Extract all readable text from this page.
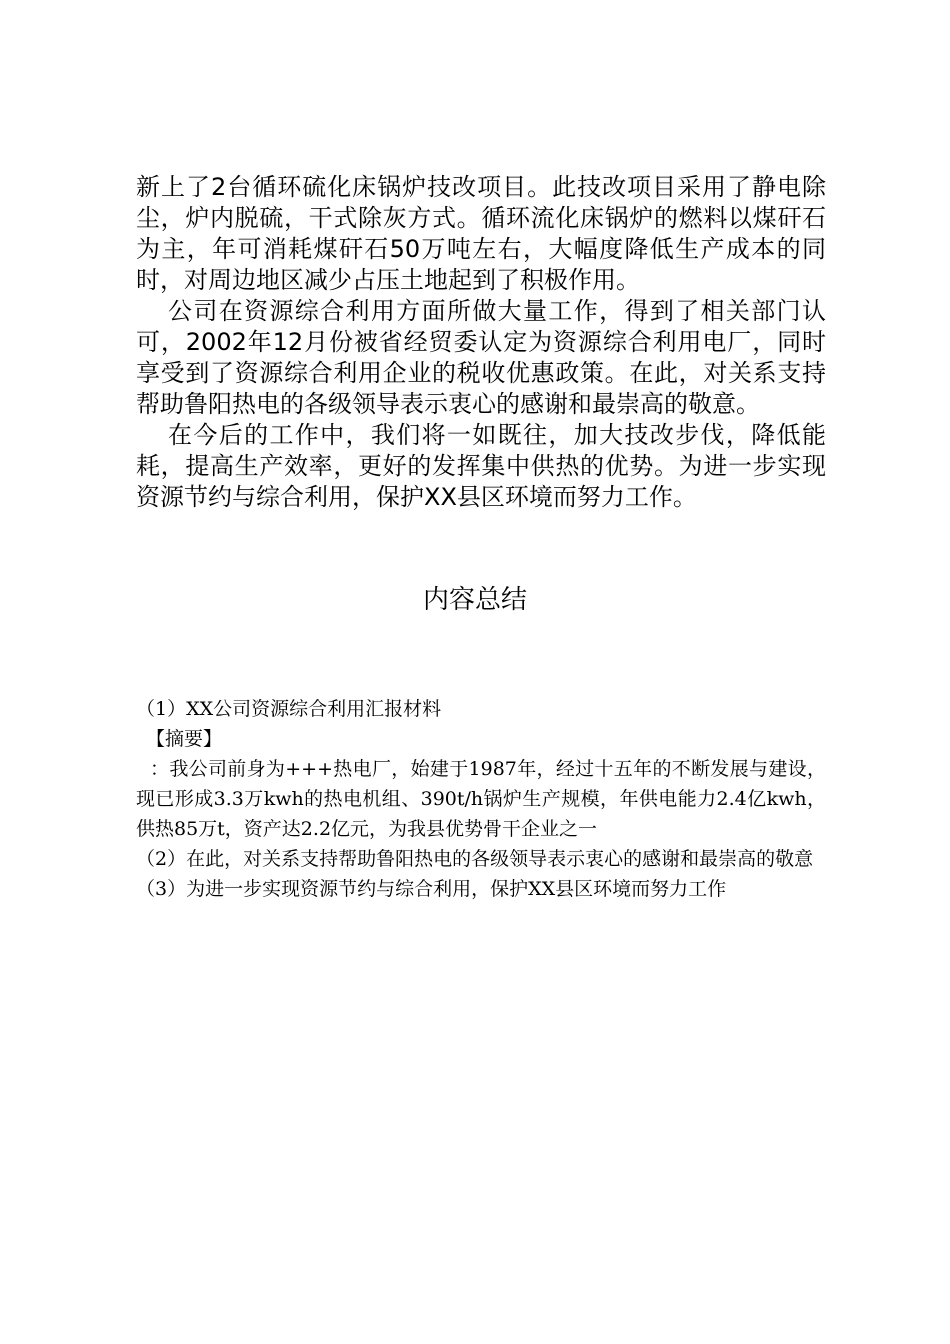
新上了2台循环硫化床锅炉技改项目。此技改项目采用了静电除尘，炉内脱硫，干式除灰方式。循环流化床锅炉的燃料以煤矸石为主，年可消耗煤矸石50万吨左右，大幅度降低生产成本的同时，对周边地区减少占压土地起到了积极作用。

公司在资源综合利用方面所做大量工作，得到了相关部门认可，2002年12月份被省经贸委认定为资源综合利用电厂，同时享受到了资源综合利用企业的税收优惠政策。在此，对关系支持帮助鲁阳热电的各级领导表示衷心的感谢和最崇高的敬意。

在今后的工作中，我们将一如既往，加大技改步伐，降低能耗，提高生产效率，更好的发挥集中供热的优势。为进一步实现资源节约与综合利用，保护XX县区环境而努力工作。

内容总结

（1）XX公司资源综合利用汇报材料

【摘要】

：我公司前身为+++热电厂，始建于1987年，经过十五年的不断发展与建设，现已形成3.3万kwh的热电机组、390t/h锅炉生产规模，年供电能力2.4亿kwh，供热85万t，资产达2.2亿元，为我县优势骨干企业之一

（2）在此，对关系支持帮助鲁阳热电的各级领导表示衷心的感谢和最崇高的敬意

（3）为进一步实现资源节约与综合利用，保护XX县区环境而努力工作
